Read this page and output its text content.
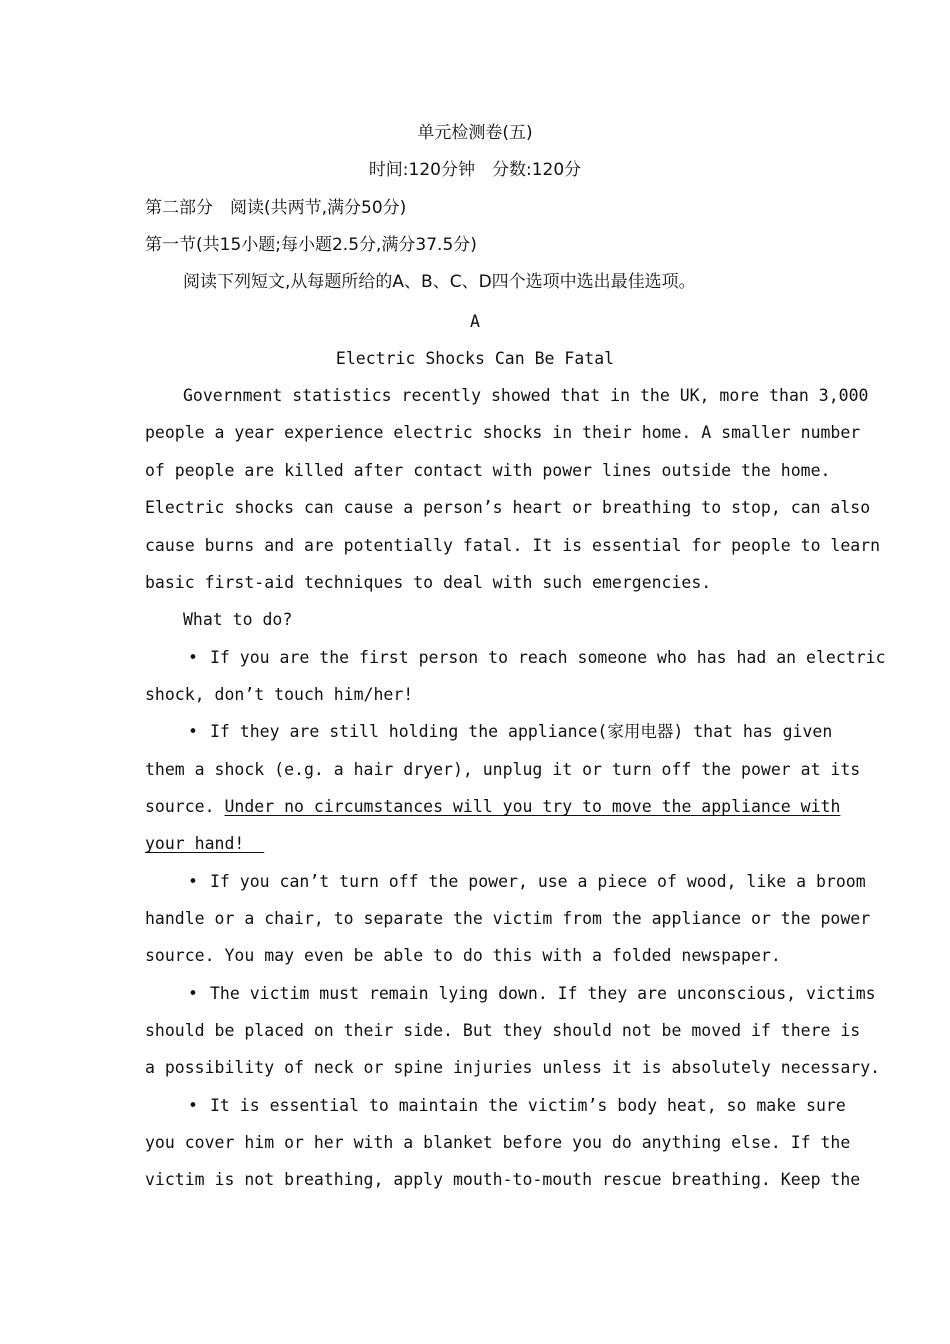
单元检测卷(五)
时间:120分钟　分数:120分
第二部分　阅读(共两节,满分50分)
第一节(共15小题;每小题2.5分,满分37.5分)
阅读下列短文,从每题所给的A、B、C、D四个选项中选出最佳选项。
A
Electric Shocks Can Be Fatal
Government statistics recently showed that in the UK, more than 3,000
people a year experience electric shocks in their home. A smaller number
of people are killed after contact with power lines outside the home.
Electric shocks can cause a person’s heart or breathing to stop, can also
cause burns and are potentially fatal. It is essential for people to learn
basic first-aid techniques to deal with such emergencies.
What to do?
• If you are the first person to reach someone who has had an electric
shock, don’t touch him/her!
• If they are still holding the appliance(家用电器) that has given
them a shock (e.g. a hair dryer), unplug it or turn off the power at its
source. Under no circumstances will you try to move the appliance with
your hand!
• If you can’t turn off the power, use a piece of wood, like a broom
handle or a chair, to separate the victim from the appliance or the power
source. You may even be able to do this with a folded newspaper.
• The victim must remain lying down. If they are unconscious, victims
should be placed on their side. But they should not be moved if there is
a possibility of neck or spine injuries unless it is absolutely necessary.
• It is essential to maintain the victim’s body heat, so make sure
you cover him or her with a blanket before you do anything else. If the
victim is not breathing, apply mouth-to-mouth rescue breathing. Keep the
